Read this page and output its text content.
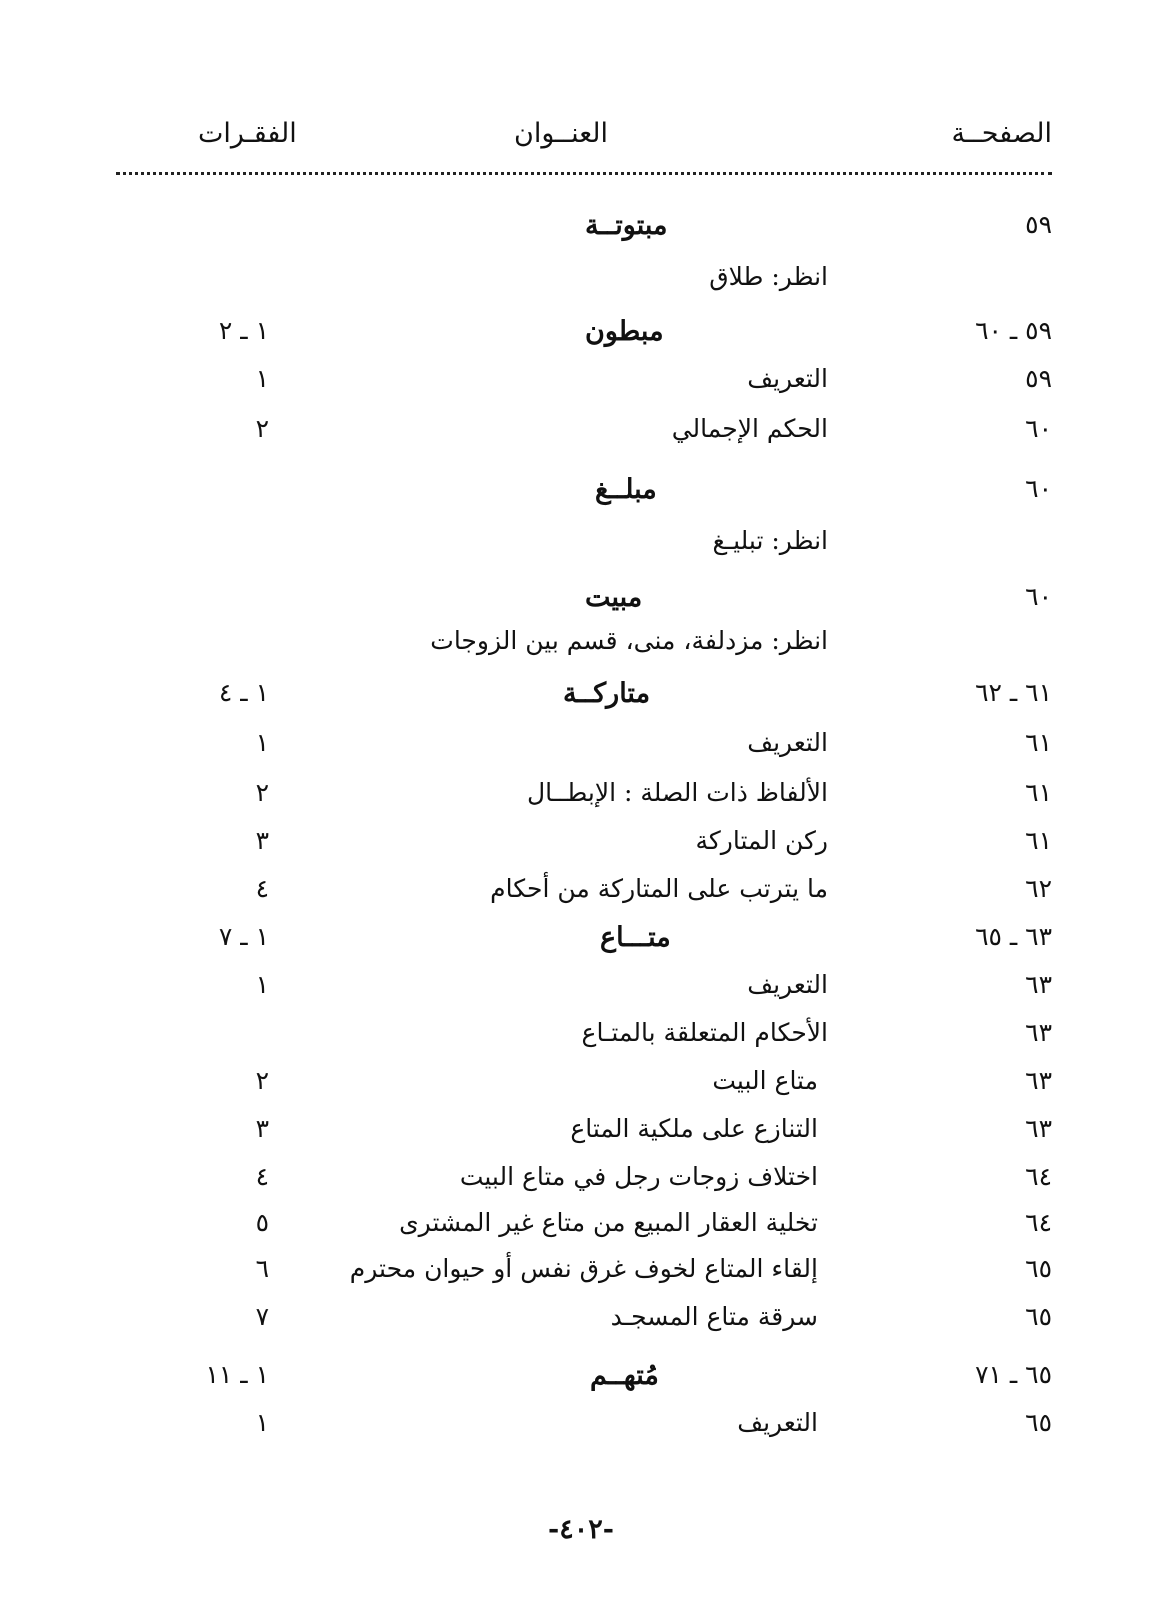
الصفحــة
العنــوان
الفقـرات
٥٩
مبتوتــة
انظر: طلاق
٥٩ ـ ٦٠
مبطون
١ ـ ٢
٥٩
التعريف
١
٦٠
الحكم الإجمالي
٢
٦٠
مبلــغ
انظر: تبليـغ
٦٠
مبيت
انظر: مزدلفة، منى، قسم بين الزوجات
٦١ ـ ٦٢
متاركــة
١ ـ ٤
٦١
التعريف
١
٦١
الألفاظ ذات الصلة : الإبطــال
٢
٦١
ركن المتاركة
٣
٦٢
ما يترتب على المتاركة من أحكام
٤
٦٣ ـ ٦٥
متـــاع
١ ـ ٧
٦٣
التعريف
١
٦٣
الأحكام المتعلقة بالمتـاع
٦٣
متاع البيت
٢
٦٣
التنازع على ملكية المتاع
٣
٦٤
اختلاف زوجات رجل في متاع البيت
٤
٦٤
تخلية العقار المبيع من متاع غير المشترى
٥
٦٥
إلقاء المتاع لخوف غرق نفس أو حيوان محترم
٦
٦٥
سرقة متاع المسجـد
٧
٦٥ ـ ٧١
مُتهــم
١ ـ ١١
٦٥
التعريف
١
-٤٠٢-
